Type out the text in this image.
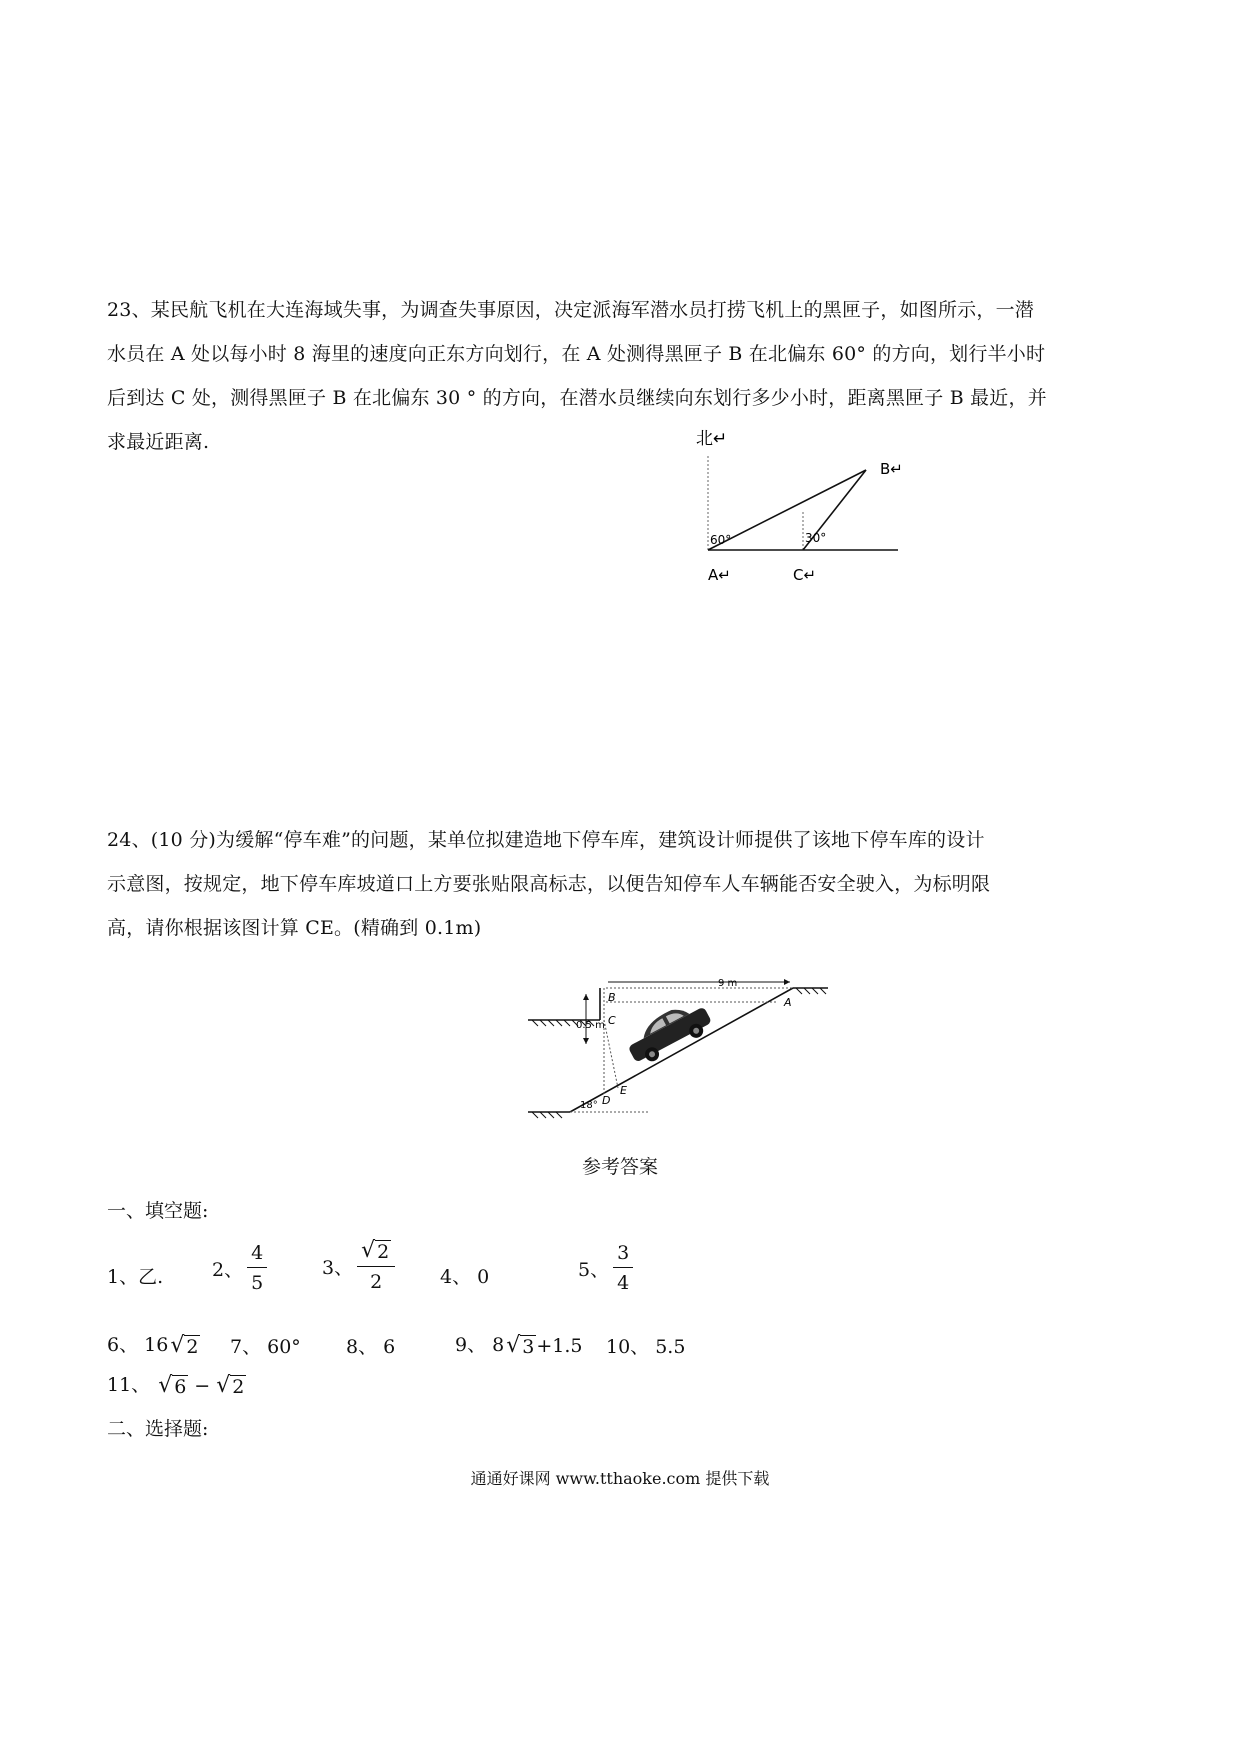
23、某民航飞机在大连海域失事，为调查失事原因，决定派海军潜水员打捞飞机上的黑匣子，如图所示，一潜
水员在 A 处以每小时 8 海里的速度向正东方向划行，在 A 处测得黑匣子 B 在北偏东 60° 的方向，划行半小时
后到达 C 处，测得黑匣子 B 在北偏东 30 ° 的方向，在潜水员继续向东划行多少小时，距离黑匣子 B 最近，并
求最近距离.	北↵
60°	30°
B↵
A↵	C↵
24、(10 分)为缓解“停车难”的问题，某单位拟建造地下停车库，建筑设计师提供了该地下停车库的设计
示意图，按规定，地下停车库坡道口上方要张贴限高标志，以便告知停车人车辆能否安全驶入，为标明限
高，请你根据该图计算 CE。(精确到 0.1m)
9 m
0.5 m
B
C
A
D
E
18°
参考答案
一、填空题:
1、乙.	2、 $\frac{4}{5}$	3、 $\frac{√ 2}{2} 4$、 0	5、 $\frac{3}{4}$
6、 16 √ 2 7、 60° 8、 6	9、 8 √ 3 +1.5 10、 5.5
11、 √ 6 − √ 2
二、选择题:
通通好课网 www.tthaoke.com 提供下载
